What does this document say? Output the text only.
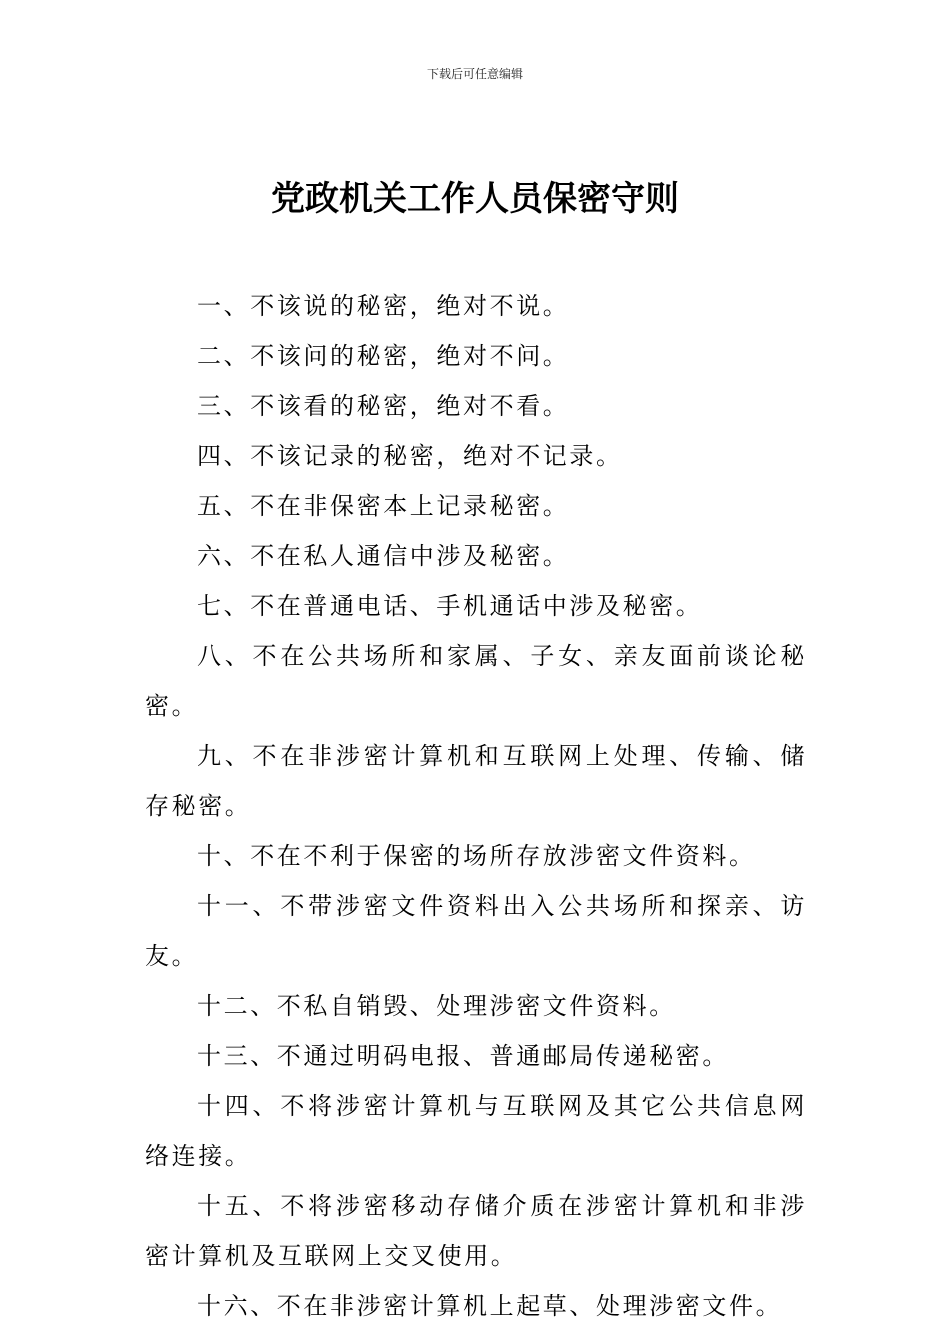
下载后可任意编辑
党政机关工作人员保密守则
一、不该说的秘密，绝对不说。
二、不该问的秘密，绝对不问。
三、不该看的秘密，绝对不看。
四、不该记录的秘密，绝对不记录。
五、不在非保密本上记录秘密。
六、不在私人通信中涉及秘密。
七、不在普通电话、手机通话中涉及秘密。
八、不在公共场所和家属、子女、亲友面前谈论秘密。
九、不在非涉密计算机和互联网上处理、传输、储存秘密。
十、不在不利于保密的场所存放涉密文件资料。
十一、不带涉密文件资料出入公共场所和探亲、访友。
十二、不私自销毁、处理涉密文件资料。
十三、不通过明码电报、普通邮局传递秘密。
十四、不将涉密计算机与互联网及其它公共信息网络连接。
十五、不将涉密移动存储介质在涉密计算机和非涉密计算机及互联网上交叉使用。
十六、不在非涉密计算机上起草、处理涉密文件。
